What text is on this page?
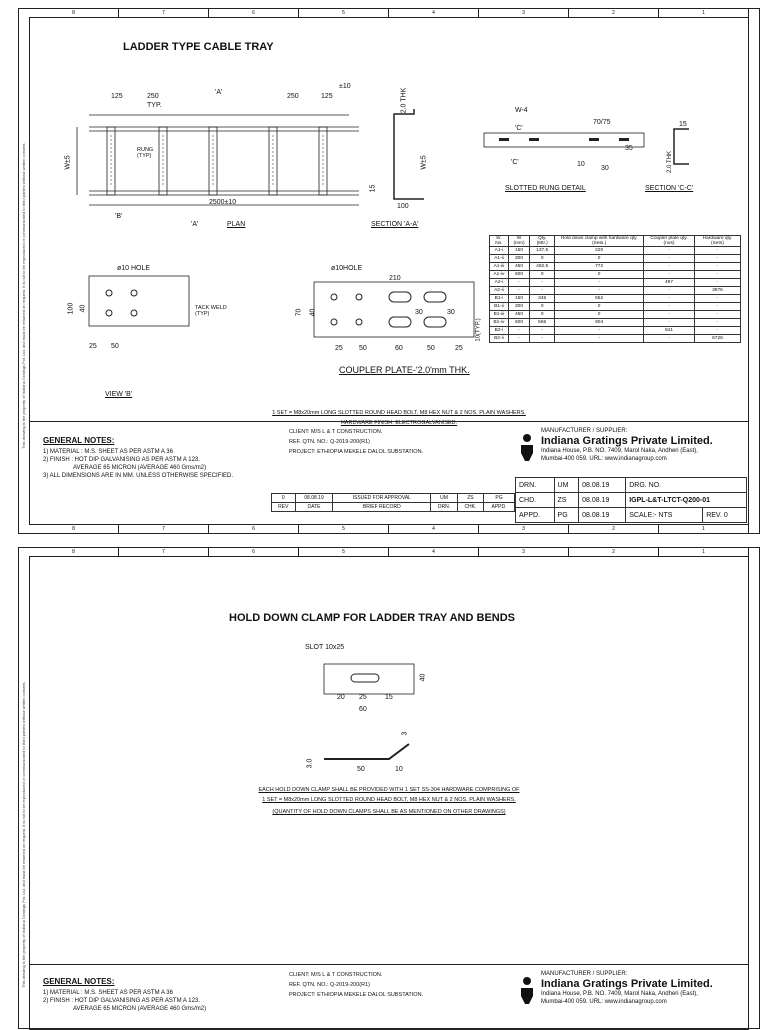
This drawing is the property of Indiana Gratings Pvt. Ltd. and must be returned on request. It is not to be reproduced or communicated to third parties without written consent.
8	7	6	5	4	3	2	1
LADDER TYPE CABLE TRAY
125	250
TYP.
250	125
±10
'A'
W±5
RUNG (TYP)
2500±10
'B'
'A'	PLAN
2.0 THK
W±5
15
100
SECTION 'A-A'
W-4
70/75
'C'
'C'	10
30
35
SLOTTED RUNG DETAIL
15
2.0 THK
SECTION 'C-C'
Sr. No.	W (mm)	Qty. (Mtr.)	Hold down clamp with hardware qty. (Sets.)	Coupler plate qty. (nos)	Hardware qty. (Sets)
A1-i	150	137.5	220	-	-
A1-ii	300	0	0	-	-
A1-iii	450	482.5	772	-	-
A1-iv	600	0	0	-	-
A2-i	-	-	-	497	-
A2-ii	-	-	-	-	3976
B1-i	150	345	552	-	-
B1-ii	300	0	0	-	-
B1-iii	450	0	0	-	-
B1-iv	600	565	904	-	-
B2-i	-	-	-	841	-
B2-ii	-	-	-	-	6728
ø10 HOLE
100 40	TACK WELD (TYP)
25 50
VIEW 'B'
ø10HOLE
210
70 40	30	30
25 50	60	50	25
10(TYP.)
COUPLER PLATE-'2.0'mm THK.
1 SET = M8x20mm LONG SLOTTED ROUND HEAD BOLT, M8 HEX NUT & 2 NOS. PLAIN WASHERS.
HARDWARE FINISH: ELECTROGALVANISED.
GENERAL NOTES:
1) MATERIAL : M.S. SHEET AS PER ASTM A 36
2) FINISH : HOT DIP GALVANISING AS PER ASTM A 123.
AVERAGE 65 MICRON (AVERAGE 460 Gms/m2)
3) ALL DIMENSIONS ARE IN MM. UNLESS OTHERWISE SPECIFIED.
CLIENT: M/S L & T CONSTRUCTION.
REF. QTN. NO.: Q-2019-200(R1)
PROJECT: ETHIOPIA MEKELE DALOL SUBSTATION.
0	08.08.19	ISSUED FOR APPROVAL	UM	ZS	PG
REV	DATE	BRIEF RECORD	DRN.	CHK.	APPD.
MANUFACTURER / SUPPLIER:
Indiana Gratings Private Limited.
Indiana House, P.B. NO. 7409, Marol Naka, Andheri (East),
Mumbai-400 059. URL: www.indianagroup.com
DRN.	UM	08.08.19	DRG. NO.	
CHD.	ZS	08.08.19	IGPL-L&T-LTCT-Q200-01	
APPD.	PG	08.08.19	SCALE:- NTS	REV. 0
8	7	6	5	4	3	2	1
This drawing is the property of Indiana Gratings Pvt. Ltd. and must be returned on request. It is not to be reproduced or communicated to third parties without written consent.
8	7	6	5	4	3	2	1
HOLD DOWN CLAMP FOR LADDER TRAY AND BENDS
SLOT 10x25
20 25	15
60
40
3
3.0
50	10
EACH HOLD DOWN CLAMP SHALL BE PROVIDED WITH 1 SET SS-304 HARDWARE COMPRISING OF
1 SET = M8x20mm LONG SLOTTED ROUND HEAD BOLT, M8 HEX NUT & 2 NOS. PLAIN WASHERS.
(QUANTITY OF HOLD DOWN CLAMPS SHALL BE AS MENTIONED ON OTHER DRAWINGS)
GENERAL NOTES:
1) MATERIAL : M.S. SHEET AS PER ASTM A 36
2) FINISH : HOT DIP GALVANISING AS PER ASTM A 123.
AVERAGE 65 MICRON (AVERAGE 460 Gms/m2)
CLIENT: M/S L & T CONSTRUCTION.
REF. QTN. NO.: Q-2019-200(R1)
PROJECT: ETHIOPIA MEKELE DALOL SUBSTATION.
MANUFACTURER / SUPPLIER:
Indiana Gratings Private Limited.
Indiana House, P.B. NO. 7409, Marol Naka, Andheri (East),
Mumbai-400 059. URL: www.indianagroup.com
